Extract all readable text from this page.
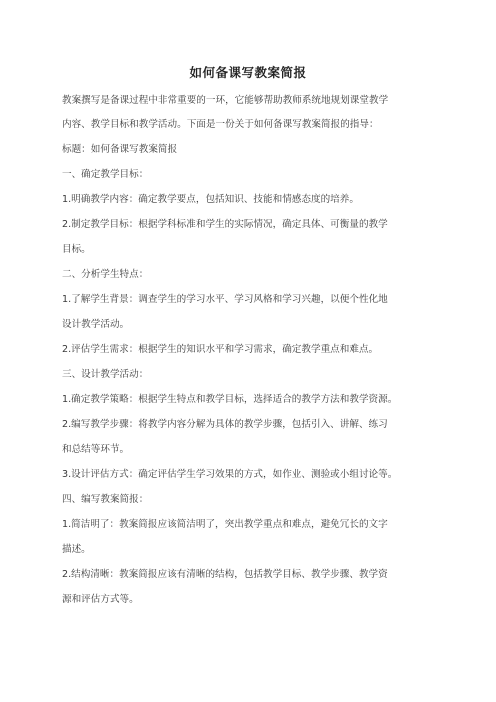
如何备课写教案简报
教案撰写是备课过程中非常重要的一环，它能够帮助教师系统地规划课堂教学
内容、教学目标和教学活动。下面是一份关于如何备课写教案简报的指导：
标题：如何备课写教案简报
一、确定教学目标：
1.明确教学内容：确定教学要点，包括知识、技能和情感态度的培养。
2.制定教学目标：根据学科标准和学生的实际情况，确定具体、可衡量的教学
目标。
二、分析学生特点：
1.了解学生背景：调查学生的学习水平、学习风格和学习兴趣，以便个性化地
设计教学活动。
2.评估学生需求：根据学生的知识水平和学习需求，确定教学重点和难点。
三、设计教学活动：
1.确定教学策略：根据学生特点和教学目标，选择适合的教学方法和教学资源。
2.编写教学步骤：将教学内容分解为具体的教学步骤，包括引入、讲解、练习
和总结等环节。
3.设计评估方式：确定评估学生学习效果的方式，如作业、测验或小组讨论等。
四、编写教案简报：
1.简洁明了：教案简报应该简洁明了，突出教学重点和难点，避免冗长的文字
描述。
2.结构清晰：教案简报应该有清晰的结构，包括教学目标、教学步骤、教学资
源和评估方式等。
